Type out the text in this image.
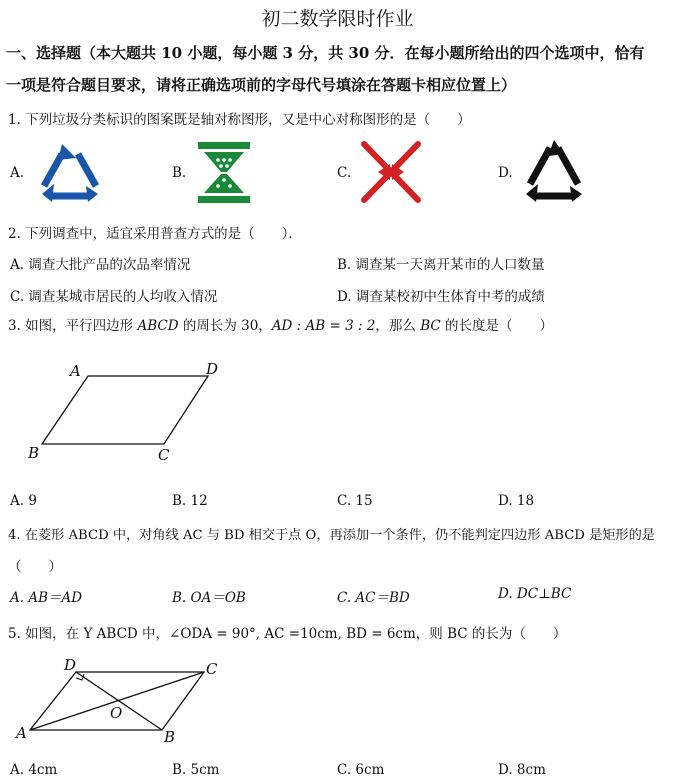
初二数学限时作业
一、选择题（本大题共 10 小题，每小题 3 分，共 30 分．在每小题所给出的四个选项中，恰有
一项是符合题目要求，请将正确选项前的字母代号填涂在答题卡相应位置上）
1. 下列垃圾分类标识的图案既是轴对称图形，又是中心对称图形的是（　　）
A.	B.	C.	D.
2. 下列调查中，适宜采用普查方式的是（　　）．
A. 调查大批产品的次品率情况	B. 调查某一天离开某市的人口数量
C. 调查某城市居民的人均收入情况	D. 调查某校初中生体育中考的成绩
3. 如图，平行四边形 ABCD 的周长为 30，AD : AB = 3 : 2，那么 BC 的长度是（　　）
A	D
B	C
A. 9	B. 12	C. 15	D. 18
4. 在菱形 ABCD 中，对角线 AC 与 BD 相交于点 O，再添加一个条件，仍不能判定四边形 ABCD 是矩形的是
（　　）
A. AB＝AD	B. OA＝OB	C. AC＝BD	D. DC⊥BC
5. 如图，在 Y ABCD 中，∠ODA = 90°, AC =10cm, BD = 6cm，则 BC 的长为（　　）
D	C
O
A	B
A. 4cm	B. 5cm	C. 6cm	D. 8cm
